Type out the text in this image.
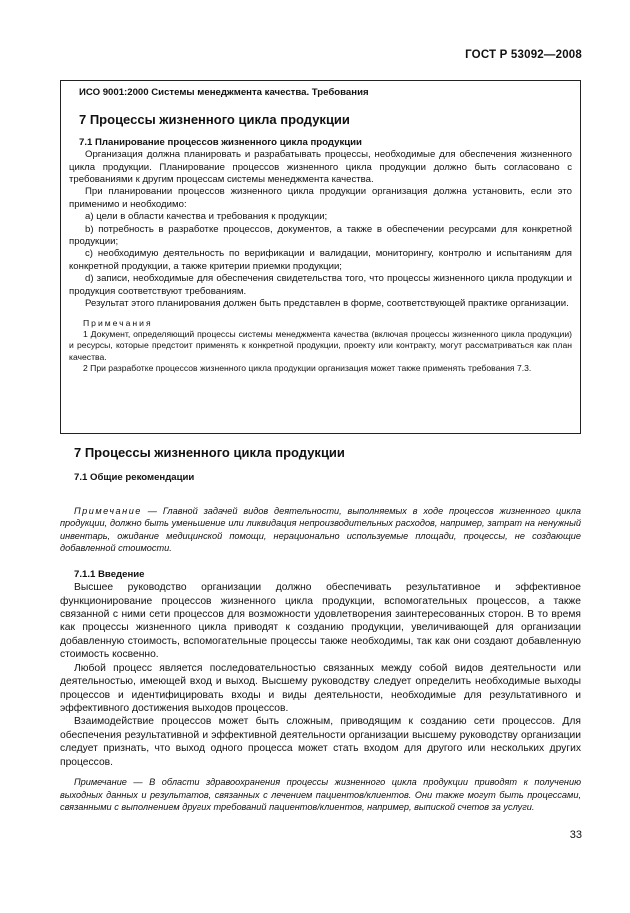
ГОСТ Р 53092—2008
ИСО 9001:2000 Системы менеджмента качества. Требования
7 Процессы жизненного цикла продукции
7.1 Планирование процессов жизненного цикла продукции

Организация должна планировать и разрабатывать процессы, необходимые для обеспечения жизненного цикла продукции. Планирование процессов жизненного цикла продукции должно быть согласовано с требованиями к другим процессам системы менеджмента качества.

При планировании процессов жизненного цикла продукции организация должна установить, если это применимо и необходимо:

a) цели в области качества и требования к продукции;

b) потребность в разработке процессов, документов, а также в обеспечении ресурсами для конкретной продукции;

c) необходимую деятельность по верификации и валидации, мониторингу, контролю и испытаниям для конкретной продукции, а также критерии приемки продукции;

d) записи, необходимые для обеспечения свидетельства того, что процессы жизненного цикла продукции и продукция соответствуют требованиям.

Результат этого планирования должен быть представлен в форме, соответствующей практике организации.

Примечания

1 Документ, определяющий процессы системы менеджмента качества (включая процессы жизненного цикла продукции) и ресурсы, которые предстоит применять к конкретной продукции, проекту или контракту, могут рассматриваться как план качества.

2 При разработке процессов жизненного цикла продукции организация может также применять требования 7.3.

7 Процессы жизненного цикла продукции
7.1 Общие рекомендации

Примечание — Главной задачей видов деятельности, выполняемых в ходе процессов жизненного цикла продукции, должно быть уменьшение или ликвидация непроизводительных расходов, например, затрат на ненужный инвентарь, ожидание медицинской помощи, нерационально используемые площади, процессы, не создающие добавленной стоимости.

7.1.1 Введение

Высшее руководство организации должно обеспечивать результативное и эффективное функционирование процессов жизненного цикла продукции, вспомогательных процессов, а также связанной с ними сети процессов для возможности удовлетворения заинтересованных сторон. В то время как процессы жизненного цикла приводят к созданию продукции, увеличивающей для организации добавленную стоимость, вспомогательные процессы также необходимы, так как они создают добавленную стоимость косвенно.

Любой процесс является последовательностью связанных между собой видов деятельности или деятельностью, имеющей вход и выход. Высшему руководству следует определить необходимые выходы процессов и идентифицировать входы и виды деятельности, необходимые для результативного и эффективного достижения выходов процессов.

Взаимодействие процессов может быть сложным, приводящим к созданию сети процессов. Для обеспечения результативной и эффективной деятельности организации высшему руководству организации следует признать, что выход одного процесса может стать входом для другого или нескольких других процессов.

Примечание — В области здравоохранения процессы жизненного цикла продукции приводят к получению выходных данных и результатов, связанных с лечением пациентов/клиентов. Они также могут быть процессами, связанными с выполнением других требований пациентов/клиентов, например, выпиской счетов за услуги.

33
